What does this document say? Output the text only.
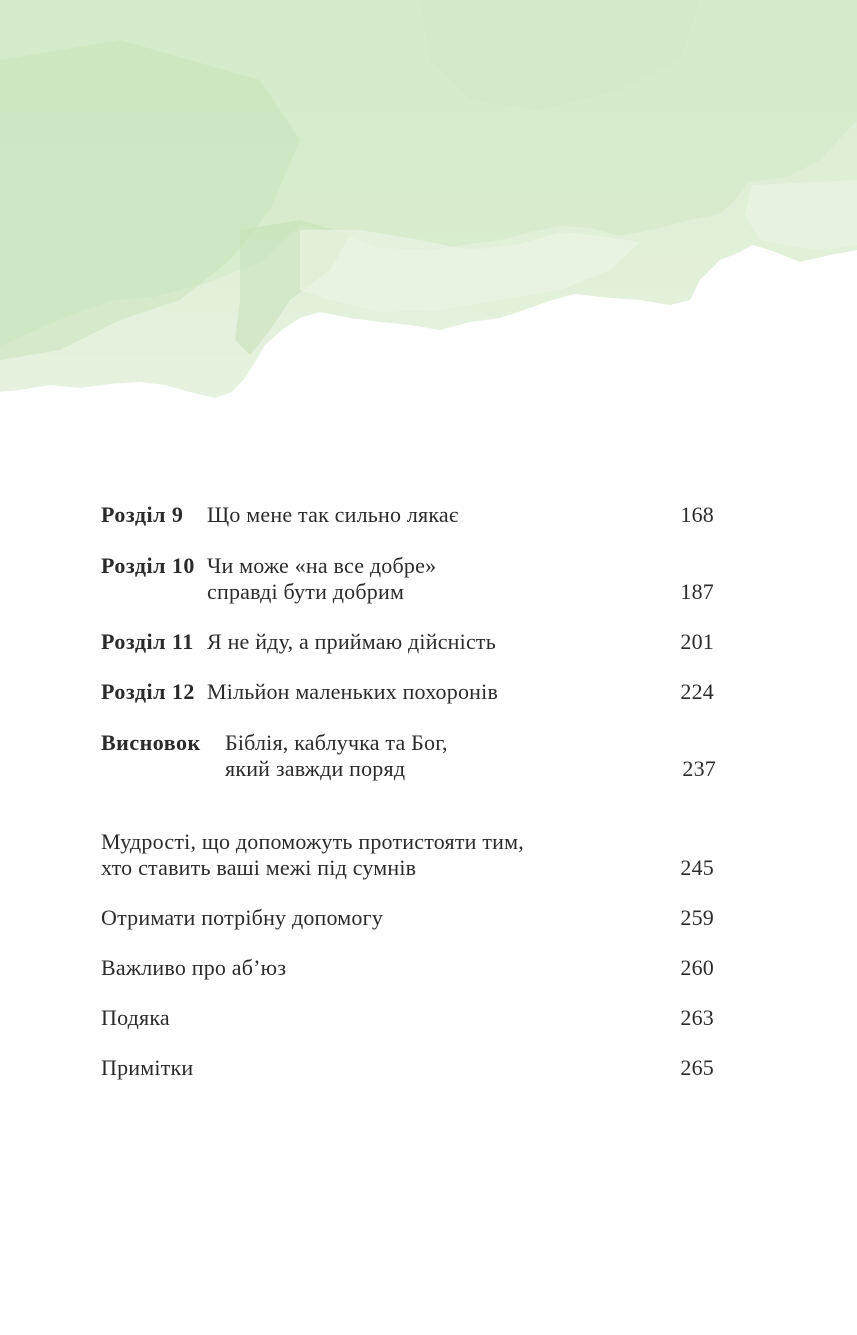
Розділ 9 Що мене так сильно лякає	168
Розділ 10 Чи може «на все добре»
справді бути добрим	187
Розділ 11 Я не йду, а приймаю дійсність	201
Розділ 12 Мільйон маленьких похоронів	224
Висновок Біблія, каблучка та Бог,
який завжди поряд	237
Мудрості, що допоможуть протистояти тим,
хто ставить ваші межі під сумнів	245
Отримати потрібну допомогу	259
Важливо про аб’юз	260
Подяка	263
Примітки	265
